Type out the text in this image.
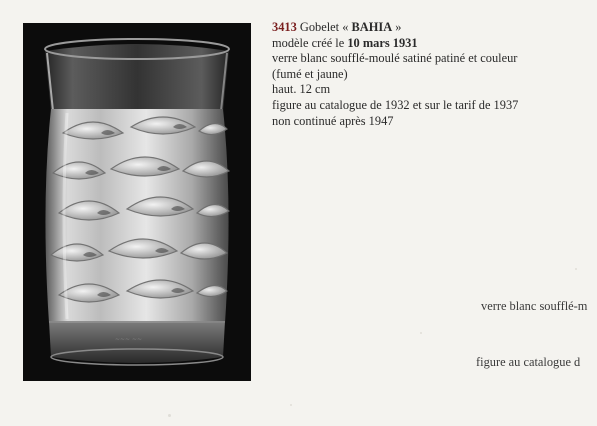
~~~ ~~
3413 Gobelet « BAHIA »
modèle créé le 10 mars 1931
verre blanc soufflé-moulé satiné patiné et couleur
(fumé et jaune)
haut. 12 cm
figure au catalogue de 1932 et sur le tarif de 1937
non continué après 1947
verre blanc soufflé-m
figure au catalogue d
